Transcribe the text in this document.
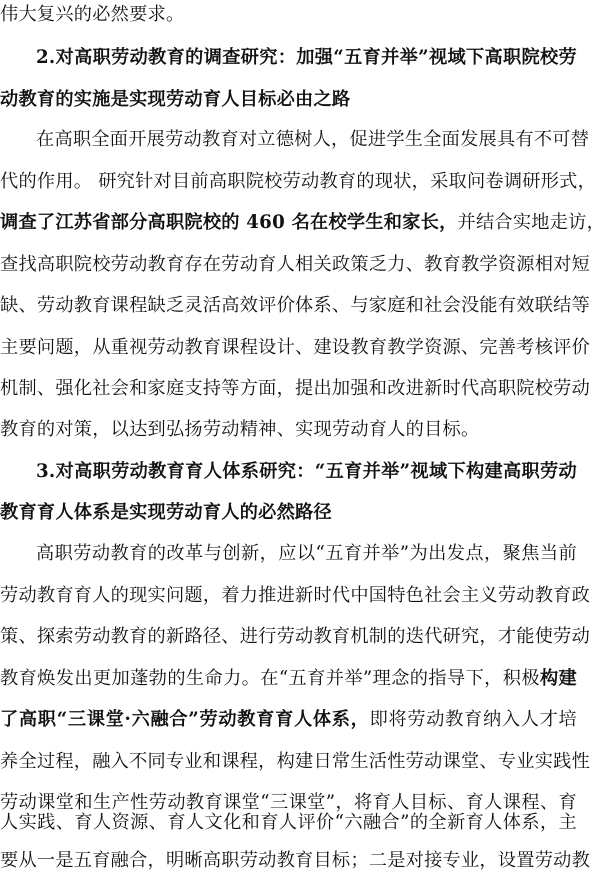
伟大复兴的必然要求。
2.对高职劳动教育的调查研究：加强“五育并举”视域下高职院校劳
动教育的实施是实现劳动育人目标必由之路
在高职全面开展劳动教育对立德树人，促进学生全面发展具有不可替
代的作用。 研究针对目前高职院校劳动教育的现状，采取问卷调研形式，
调查了江苏省部分高职院校的 460 名在校学生和家长，并结合实地走访，
查找高职院校劳动教育存在劳动育人相关政策乏力、教育教学资源相对短
缺、劳动教育课程缺乏灵活高效评价体系、与家庭和社会没能有效联结等
主要问题，从重视劳动教育课程设计、建设教育教学资源、完善考核评价
机制、强化社会和家庭支持等方面，提出加强和改进新时代高职院校劳动
教育的对策，以达到弘扬劳动精神、实现劳动育人的目标。
3.对高职劳动教育育人体系研究：“五育并举”视域下构建高职劳动
教育育人体系是实现劳动育人的必然路径
高职劳动教育的改革与创新，应以“五育并举”为出发点，聚焦当前
劳动教育育人的现实问题，着力推进新时代中国特色社会主义劳动教育政
策、探索劳动教育的新路径、进行劳动教育机制的迭代研究，才能使劳动
教育焕发出更加蓬勃的生命力。在“五育并举”理念的指导下，积极构建
了高职“三课堂·六融合”劳动教育育人体系，即将劳动教育纳入人才培
养全过程，融入不同专业和课程，构建日常生活性劳动课堂、专业实践性
劳动课堂和生产性劳动教育课堂“三课堂”，将育人目标、育人课程、育
人实践、育人资源、育人文化和育人评价“六融合”的全新育人体系，主
要从一是五育融合，明晰高职劳动教育目标；二是对接专业，设置劳动教
